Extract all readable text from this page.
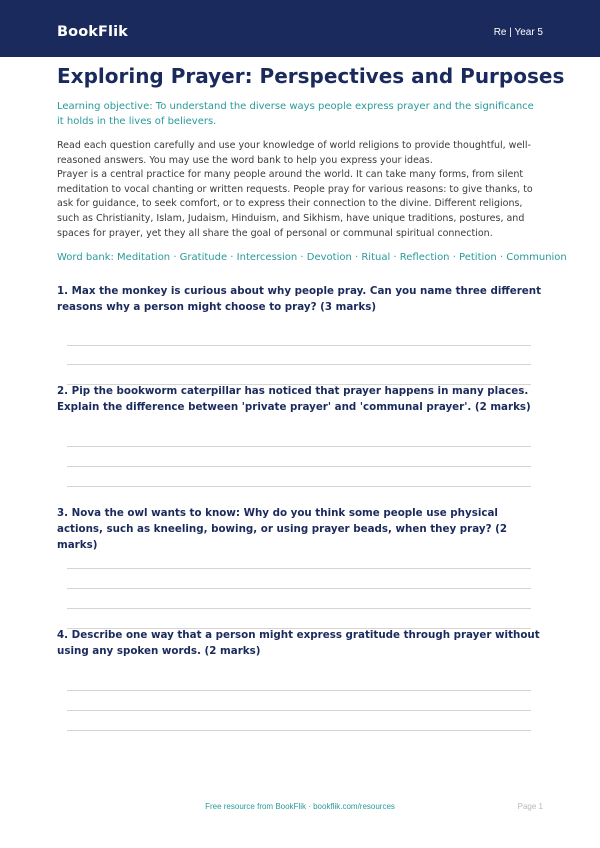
BookFlik	Re | Year 5
Exploring Prayer: Perspectives and Purposes

Learning objective: To understand the diverse ways people express prayer and the significance it holds in the lives of believers.

Read each question carefully and use your knowledge of world religions to provide thoughtful, well-reasoned answers. You may use the word bank to help you express your ideas.

Prayer is a central practice for many people around the world. It can take many forms, from silent meditation to vocal chanting or written requests. People pray for various reasons: to give thanks, to ask for guidance, to seek comfort, or to express their connection to the divine. Different religions, such as Christianity, Islam, Judaism, Hinduism, and Sikhism, have unique traditions, postures, and spaces for prayer, yet they all share the goal of personal or communal spiritual connection.

Word bank: Meditation · Gratitude · Intercession · Devotion · Ritual · Reflection · Petition · Communion

1. Max the monkey is curious about why people pray. Can you name three different reasons why a person might choose to pray? (3 marks)

2. Pip the bookworm caterpillar has noticed that prayer happens in many places. Explain the difference between 'private prayer' and 'communal prayer'. (2 marks)

3. Nova the owl wants to know: Why do you think some people use physical actions, such as kneeling, bowing, or using prayer beads, when they pray? (2 marks)

4. Describe one way that a person might express gratitude through prayer without using any spoken words. (2 marks)

Free resource from BookFlik · bookflik.com/resources	Page 1
